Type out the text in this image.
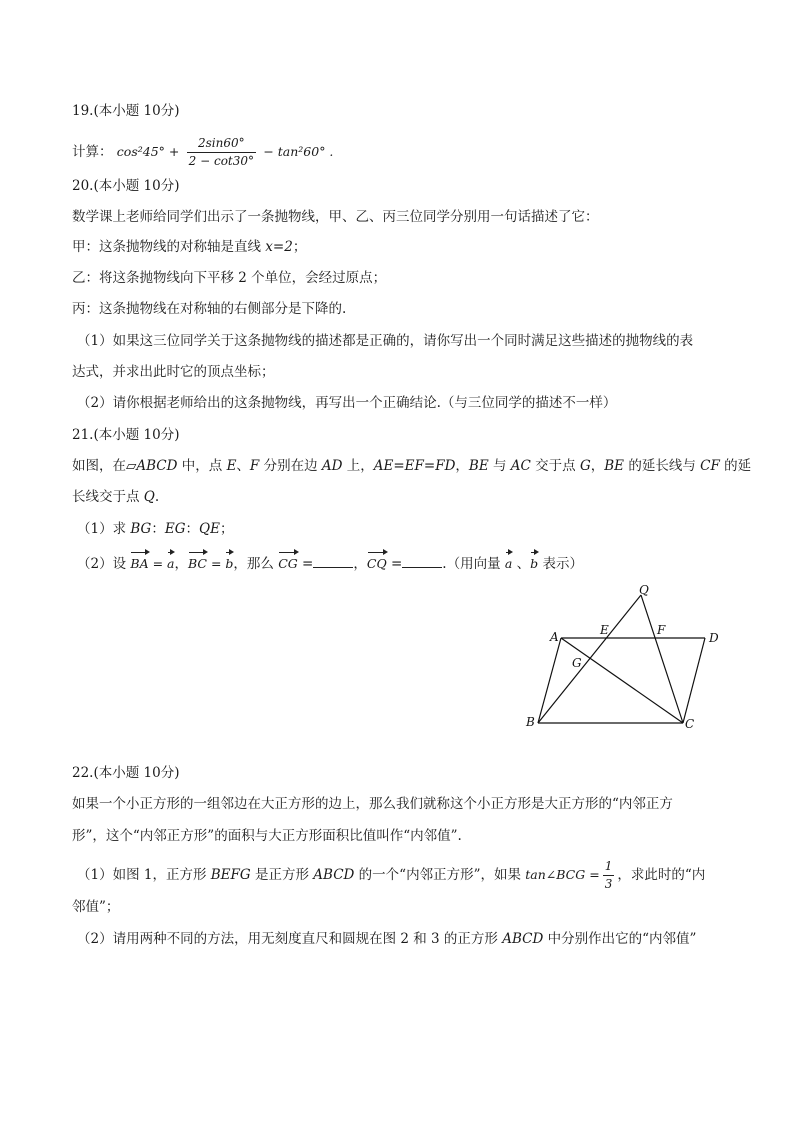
19.(本小题 10分)
计算： $\cos^245^\circ + \frac{2\sin 60^\circ}{2 - \cot 30^\circ} - \tan^260^\circ$ .
20.(本小题 10分)
数学课上老师给同学们出示了一条抛物线，甲、乙、丙三位同学分别用一句话描述了它：
甲：这条抛物线的对称轴是直线 x=2；
乙：将这条抛物线向下平移 2 个单位，会经过原点；
丙：这条抛物线在对称轴的右侧部分是下降的.
（1）如果这三位同学关于这条抛物线的描述都是正确的，请你写出一个同时满足这些描述的抛物线的表
达式，并求出此时它的顶点坐标；
（2）请你根据老师给出的这条抛物线，再写出一个正确结论.（与三位同学的描述不一样）
21.(本小题 10分)
如图，在▱ABCD 中，点 E、F 分别在边 AD 上，AE=EF=FD，BE 与 AC 交于点 G，BE 的延长线与 CF 的延
长线交于点 Q.
（1）求 BG：EG：QE；
（2）设 BA = a，BC = b，那么 CG =	，CQ =	.（用向量 a 、b 表示）
Q
A	E	F
D
G
B	C
22.(本小题 10分)
如果一个小正方形的一组邻边在大正方形的边上，那么我们就称这个小正方形是大正方形的“内邻正方
形”，这个“内邻正方形”的面积与大正方形面积比值叫作“内邻值”.
（1）如图 1，正方形 BEFG 是正方形 ABCD 的一个“内邻正方形”，如果 tan∠BCG = $\frac{1}{3}$ ，求此时的“内
邻值”；
（2）请用两种不同的方法，用无刻度直尺和圆规在图 2 和 3 的正方形 ABCD 中分别作出它的“内邻值”
